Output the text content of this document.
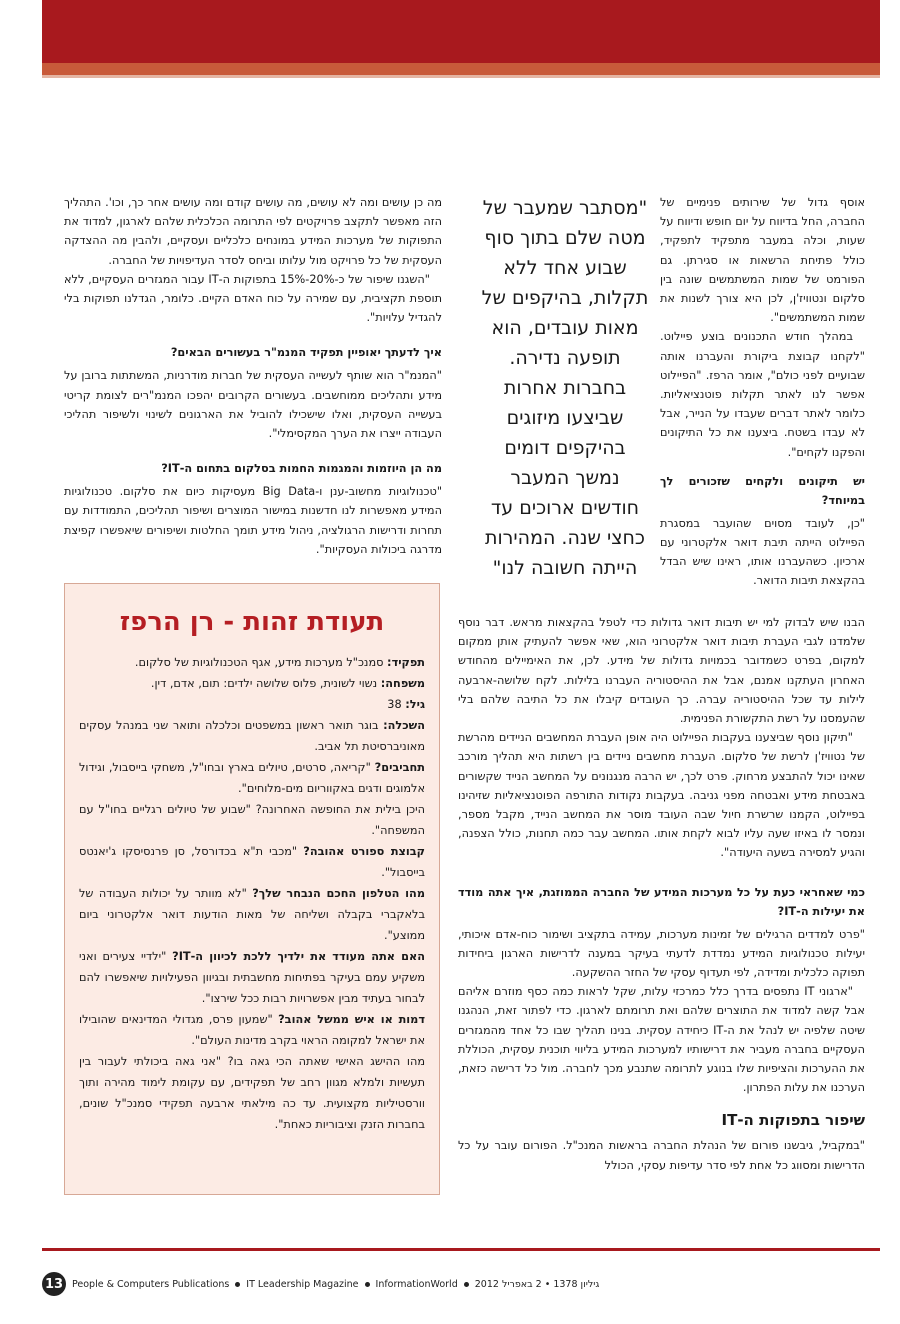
אוסף גדול של שירותים פנימיים של החברה, החל בדיווח על יום חופש ודיווח על שעות, וכלה במעבר מתפקיד לתפקיד, כולל פתיחת הרשאות או סגירתן. גם הפורמט של שמות המשתמשים שונה בין סלקום ונטוויז'ן, לכן היא צורך לשנות את שמות המשתמשים".

במהלך חודש התכנונים בוצע פיילוט. "לקחנו קבוצת ביקורת והעברנו אותה שבועיים לפני כולם", אומר הרפז. "הפיילוט אפשר לנו לאתר תקלות פוטנציאליות. כלומר לאתר דברים שעבדו על הנייר, אבל לא עבדו בשטח. ביצענו את כל התיקונים והפקנו לקחים".

יש תיקונים ולקחים שזכורים לך במיוחד?

"כן, לעובד מסוים שהועבר במסגרת הפיילוט הייתה תיבת דואר אלקטרוני עם ארכיון. כשהעברנו אותו, ראינו שיש הבדל בהקצאת תיבות הדואר.

"מסתבר שמעבר של מטה שלם בתוך סוף שבוע אחד ללא תקלות, בהיקפים של מאות עובדים, הוא תופעה נדירה. בחברות אחרות שביצעו מיזוגים בהיקפים דומים נמשך המעבר חודשים ארוכים עד כחצי שנה. המהירות הייתה חשובה לנו"

הבנו שיש לבדוק למי יש תיבות דואר גדולות כדי לטפל בהקצאות מראש. דבר נוסף שלמדנו לגבי העברת תיבות דואר אלקטרוני הוא, שאי אפשר להעתיק אותן ממקום למקום, בפרט כשמדובר בכמויות גדולות של מידע. לכן, את האימיילים מהחודש האחרון העתקנו אמנם, אבל את ההיסטוריה העברנו בלילות. לקח שלושה-ארבעה לילות עד שכל ההיסטוריה עברה. כך העובדים קיבלו את כל התיבה שלהם בלי שהעמסנו על רשת התקשורת הפנימית.

"תיקון נוסף שביצענו בעקבות הפיילוט היה אופן העברת המחשבים הניידים מהרשת של נטוויז'ן לרשת של סלקום. העברת מחשבים ניידים בין רשתות היא תהליך מורכב שאינו יכול להתבצע מרחוק. פרט לכך, יש הרבה מנגנונים על המחשב הנייד שקשורים באבטחת מידע ואבטחה מפני גניבה. בעקבות נקודות התורפה הפוטנציאליות שזיהינו בפיילוט, הקמנו שרשרת חיול שבה העובד מוסר את המחשב הנייד, מקבל מספר, ונמסר לו באיזו שעה עליו לבוא לקחת אותו. המחשב עבר כמה תחנות, כולל הצפנה, והגיע למסירה בשעה היעודה".

כמי שאחראי כעת על כל מערכות המידע של החברה הממוזגת, איך אתה מודד את יעילות ה-IT?

"פרט למדדים הרגילים של זמינות מערכות, עמידה בתקציב ושימור כוח-אדם איכותי, יעילות טכנולוגיות המידע נמדדת לדעתי בעיקר במענה לדרישות הארגון ביחידות תפוקה כלכלית ומדידה, לפי תעדוף עסקי של החזר ההשקעה.

"ארגוני IT נתפסים בדרך כלל כמרכזי עלות, שקל לראות כמה כסף מוזרם אליהם אבל קשה למדוד את התוצרים שלהם ואת תרומתם לארגון. כדי לפתור זאת, הנהגנו שיטה שלפיה יש לנהל את ה-IT כיחידה עסקית. בנינו תהליך שבו כל אחד מהמגזרים העסקיים בחברה מעביר את דרישותיו למערכות המידע בליווי תוכנית עסקית, הכוללת את ההערכות והציפיות שלו בנוגע לתרומה שתנבע מכך לחברה. מול כל דרישה כזאת, הערכנו את עלות הפתרון.

שיפור בתפוקות ה-IT

"במקביל, גיבשנו פורום של הנהלת החברה בראשות המנכ"ל. הפורום עובר על כל הדרישות ומסווג כל אחת לפי סדר עדיפות עסקי, הכולל

מה כן עושים ומה לא עושים, מה עושים קודם ומה עושים אחר כך, וכו'. התהליך הזה מאפשר לתקצב פרויקטים לפי התרומה הכלכלית שלהם לארגון, למדוד את התפוקות של מערכות המידע במונחים כלכליים ועסקיים, ולהבין מה ההצדקה העסקית של כל פרויקט מול עלותו וביחס לסדר העדיפויות של החברה.

"השגנו שיפור של כ-20%-15% בתפוקות ה-IT עבור המגזרים העסקיים, ללא תוספת תקציבית, עם שמירה על כוח האדם הקיים. כלומר, הגדלנו תפוקות בלי להגדיל עלויות".

איך לדעתך יאופיין תפקיד המנמ"ר בעשורים הבאים?

"המנמ"ר הוא שותף לעשייה העסקית של חברות מודרניות, המשתתות ברובן על מידע ותהליכים ממוחשבים. בעשורים הקרובים יהפכו המנמ"רים לצומת קריטי בעשייה העסקית, ואלו שישכילו להוביל את הארגונים לשינוי ולשיפור תהליכי העבודה ייצרו את הערך המקסימלי".

מה הן היוזמות והמגמות החמות בסלקום בתחום ה-IT?

"טכנולוגיות מחשוב-ענן ו-Big Data מעסיקות כיום את סלקום. טכנולוגיות המידע מאפשרות לנו חדשנות במישור המוצרים ושיפור תהליכים, התמודדות עם תחרות ודרישות הרגולציה, ניהול מידע תומך החלטות ושיפורים שיאפשרו קפיצת מדרגה ביכולות העסקיות".

תעודת זהות - רן הרפז

תפקיד: סמנכ"ל מערכות מידע, אגף הטכנולוגיות של סלקום.

משפחה: נשוי לשונית, פלוס שלושה ילדים: תום, אדם, דין.

גיל: 38

השכלה: בוגר תואר ראשון במשפטים וכלכלה ותואר שני במנהל עסקים מאוניברסיטת תל אביב.

תחביבים? "קריאה, סרטים, טיולים בארץ ובחו"ל, משחקי בייסבול, וגידול אלמוגים ודגים באקווריום מים-מלוחים".

היכן בילית את החופשה האחרונה? "שבוע של טיולים רגליים בחו"ל עם המשפחה".

קבוצת ספורט אהובה? "מכבי ת"א בכדורסל, סן פרנסיסקו ג'יאנטס בייסבול".

מהו הטלפון החכם הנבחר שלך? "לא מוותר על יכולות העבודה של בלאקברי בקבלה ושליחה של מאות הודעות דואר אלקטרוני ביום ממוצע".

האם אתה מעודד את ילדיך ללכת לכיוון ה-IT? "ילדיי צעירים ואני משקיע עמם בעיקר בפתיחות מחשבתית ובגיוון הפעילויות שיאפשרו להם לבחור בעתיד מבין אפשרויות רבות ככל שירצו".

דמות או איש ממשל אהוב? "שמעון פרס, מגדולי המדינאים שהובילו את ישראל למקומה הראוי בקרב מדינות העולם".

מהו ההישג האישי שאתה הכי גאה בו? "אני גאה ביכולתי לעבור בין תעשיות ולמלא מגוון רחב של תפקידים, עם עקומת לימוד מהירה ותוך וורסטיליות מקצועית. עד כה מילאתי ארבעה תפקידי סמנכ"ל שונים, בחברות הזנק וציבוריות כאחת".

13 People & Computers Publications IT Leadership Magazine InformationWorld גיליון 1378 • 2 באפריל 2012
